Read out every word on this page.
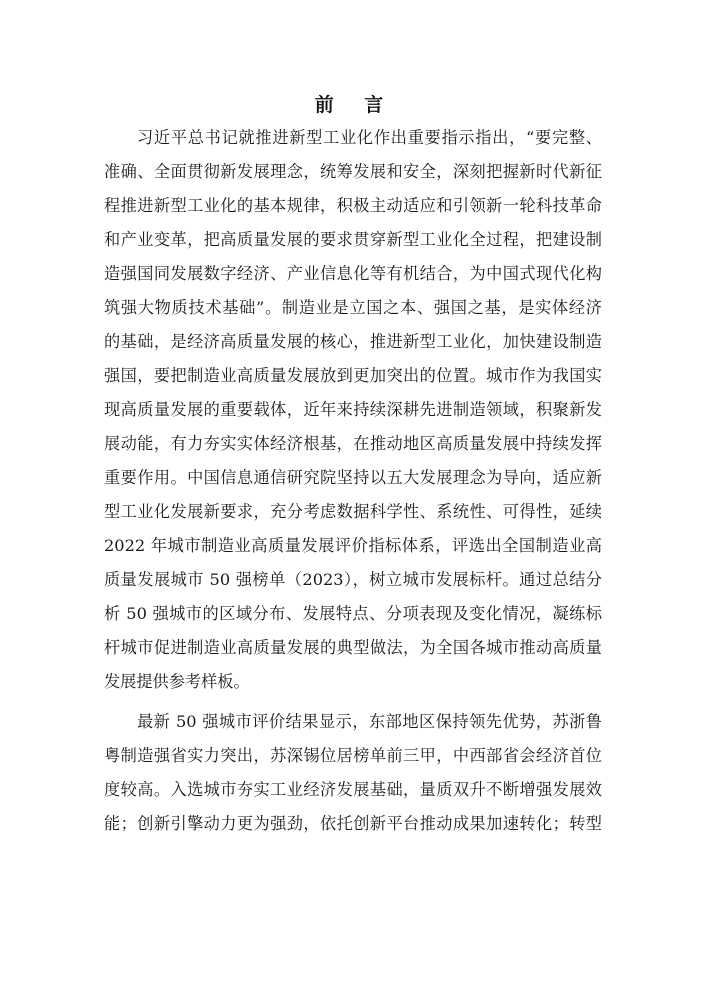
前 言
习近平总书记就推进新型工业化作出重要指示指出，“要完整、
准确、全面贯彻新发展理念，统筹发展和安全，深刻把握新时代新征
程推进新型工业化的基本规律，积极主动适应和引领新一轮科技革命
和产业变革，把高质量发展的要求贯穿新型工业化全过程，把建设制
造强国同发展数字经济、产业信息化等有机结合，为中国式现代化构
筑强大物质技术基础”。制造业是立国之本、强国之基，是实体经济
的基础，是经济高质量发展的核心，推进新型工业化，加快建设制造
强国，要把制造业高质量发展放到更加突出的位置。城市作为我国实
现高质量发展的重要载体，近年来持续深耕先进制造领域，积聚新发
展动能，有力夯实实体经济根基，在推动地区高质量发展中持续发挥
重要作用。中国信息通信研究院坚持以五大发展理念为导向，适应新
型工业化发展新要求，充分考虑数据科学性、系统性、可得性，延续
2022 年城市制造业高质量发展评价指标体系，评选出全国制造业高
质量发展城市 50 强榜单（2023），树立城市发展标杆。通过总结分
析 50 强城市的区域分布、发展特点、分项表现及变化情况，凝练标
杆城市促进制造业高质量发展的典型做法，为全国各城市推动高质量
发展提供参考样板。
最新 50 强城市评价结果显示，东部地区保持领先优势，苏浙鲁
粤制造强省实力突出，苏深锡位居榜单前三甲，中西部省会经济首位
度较高。入选城市夯实工业经济发展基础，量质双升不断增强发展效
能；创新引擎动力更为强劲，依托创新平台推动成果加速转化；转型
